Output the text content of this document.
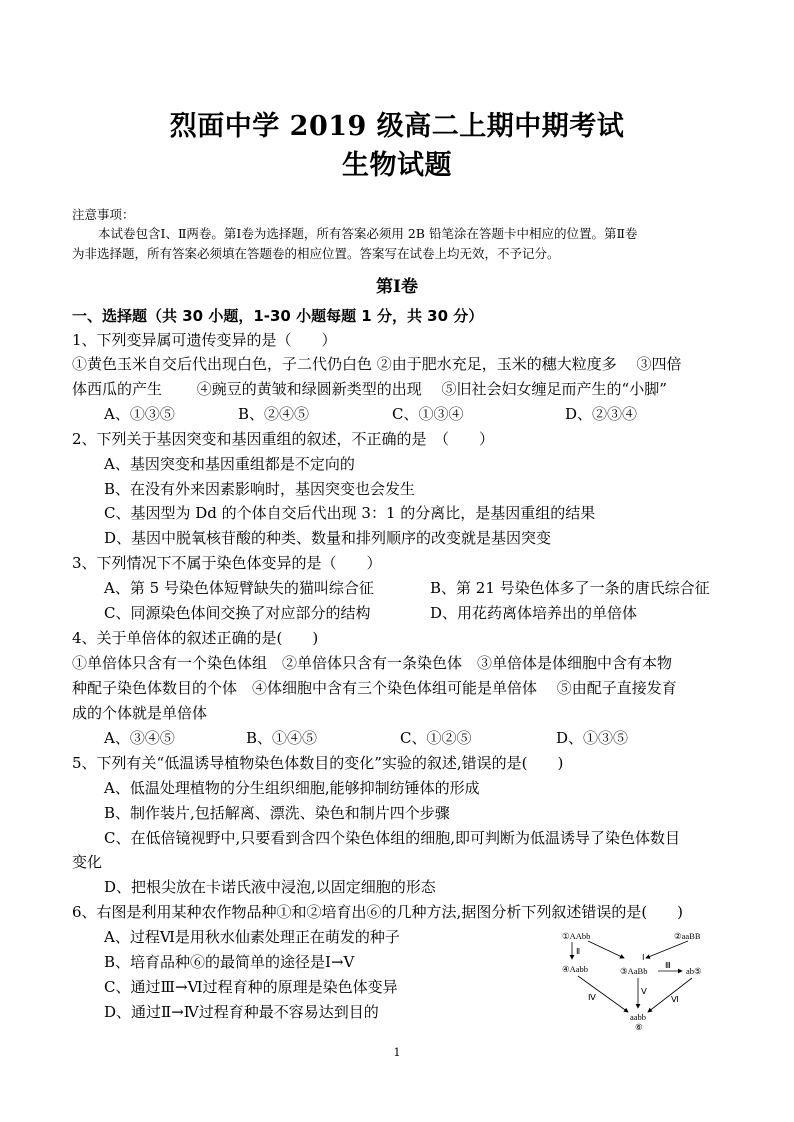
烈面中学 2019 级高二上期中期考试
生物试题
注意事项：
本试卷包含Ⅰ、Ⅱ两卷。第Ⅰ卷为选择题，所有答案必须用 2B 铅笔涂在答题卡中相应的位置。第Ⅱ卷
为非选择题，所有答案必须填在答题卷的相应位置。答案写在试卷上均无效，不予记分。
第Ⅰ卷
一、选择题（共 30 小题，1-30 小题每题 1 分，共 30 分）
1、下列变异属可遗传变异的是（　　）
①黄色玉米自交后代出现白色，子二代仍白色 ②由于肥水充足，玉米的穗大粒度多　 ③四倍
体西瓜的产生　　 ④豌豆的黄皱和绿圆新类型的出现　 ⑤旧社会妇女缠足而产生的“小脚”
A、①③⑤	B、②④⑤	C、①③④	D、②③④
2、下列关于基因突变和基因重组的叙述，不正确的是　（　　）
A、基因突变和基因重组都是不定向的
B、在没有外来因素影响时，基因突变也会发生
C、基因型为 Dd 的个体自交后代出现 3：1 的分离比，是基因重组的结果
D、基因中脱氧核苷酸的种类、数量和排列顺序的改变就是基因突变
3、下列情况下不属于染色体变异的是（　　）
A、第 5 号染色体短臂缺失的猫叫综合征	B、第 21 号染色体多了一条的唐氏综合征
C、同源染色体间交换了对应部分的结构	D、用花药离体培养出的单倍体
4、关于单倍体的叙述正确的是(　　)
①单倍体只含有一个染色体组　②单倍体只含有一条染色体　③单倍体是体细胞中含有本物
种配子染色体数目的个体　④体细胞中含有三个染色体组可能是单倍体　 ⑤由配子直接发育
成的个体就是单倍体
A、③④⑤	B、①④⑤	C、①②⑤	D、①③⑤
5、下列有关“低温诱导植物染色体数目的变化”实验的叙述,错误的是(　　)
A、低温处理植物的分生组织细胞,能够抑制纺锤体的形成
B、制作装片,包括解离、漂洗、染色和制片四个步骤
C、在低倍镜视野中,只要看到含四个染色体组的细胞,即可判断为低温诱导了染色体数目
变化
D、把根尖放在卡诺氏液中浸泡,以固定细胞的形态
6、右图是利用某种农作物品种①和②培育出⑥的几种方法,据图分析下列叙述错误的是(　　)
A、过程Ⅵ是用秋水仙素处理正在萌发的种子
B、培育品种⑥的最简单的途径是Ⅰ→Ⅴ
C、通过Ⅲ→Ⅵ过程育种的原理是染色体变异
D、通过Ⅱ→Ⅳ过程育种最不容易达到目的
①AAbb	②aaBB
④Aabb	③AaBb	ab⑤
aabb
⑥
Ⅰ
Ⅱ
Ⅲ
Ⅳ
Ⅴ
Ⅵ
1
